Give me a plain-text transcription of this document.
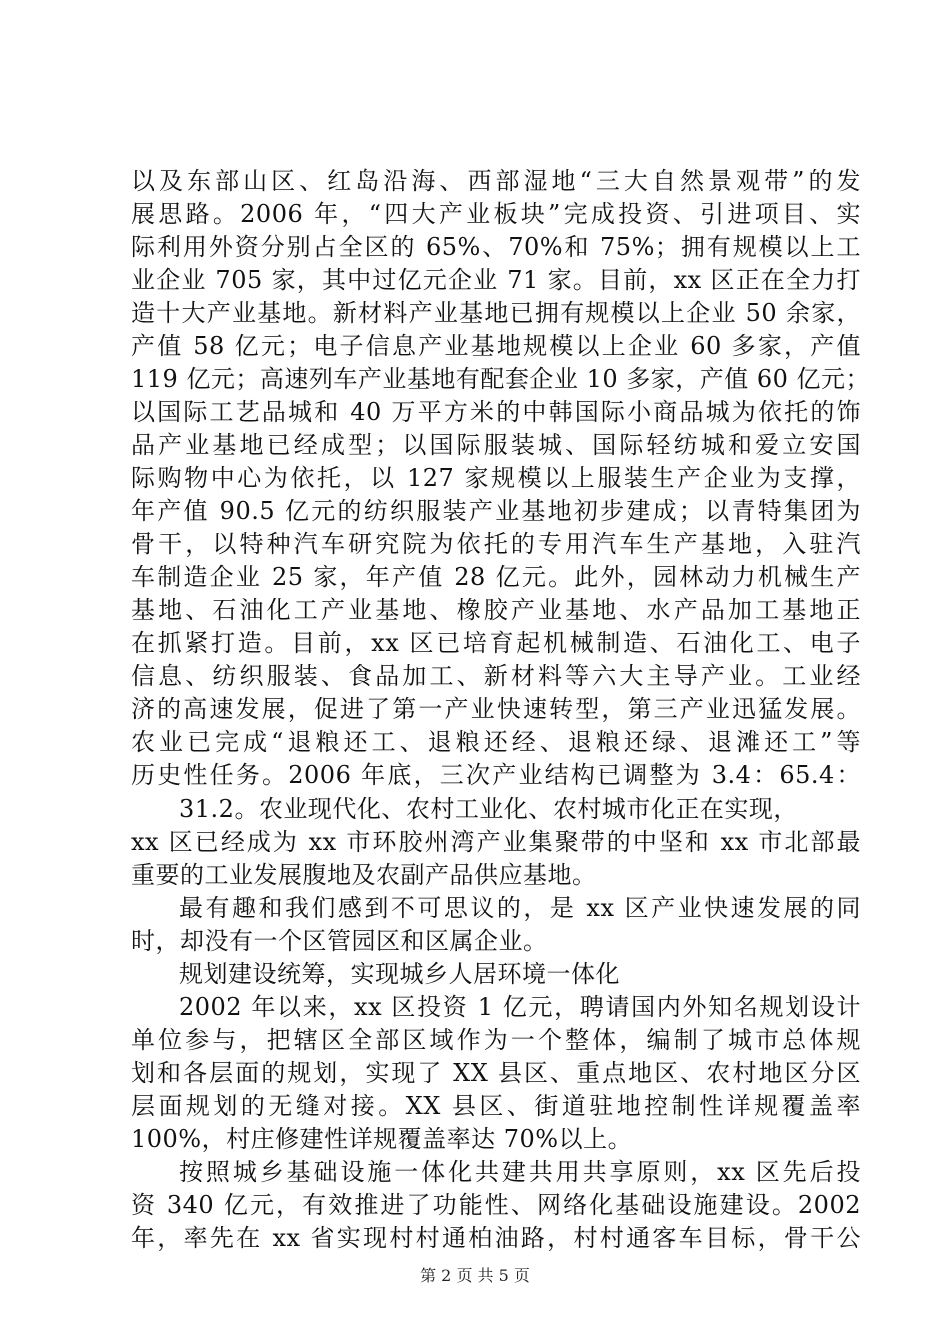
以及东部山区、红岛沿海、西部湿地“三大自然景观带”的发
展思路。2006 年，“四大产业板块”完成投资、引进项目、实
际利用外资分别占全区的 65%、70%和 75%；拥有规模以上工
业企业 705 家，其中过亿元企业 71 家。目前，xx 区正在全力打
造十大产业基地。新材料产业基地已拥有规模以上企业 50 余家，
产值 58 亿元；电子信息产业基地规模以上企业 60 多家，产值
119 亿元；高速列车产业基地有配套企业 10 多家，产值 60 亿元；
以国际工艺品城和 40 万平方米的中韩国际小商品城为依托的饰
品产业基地已经成型；以国际服装城、国际轻纺城和爱立安国
际购物中心为依托，以 127 家规模以上服装生产企业为支撑，
年产值 90.5 亿元的纺织服装产业基地初步建成；以青特集团为
骨干，以特种汽车研究院为依托的专用汽车生产基地，入驻汽
车制造企业 25 家，年产值 28 亿元。此外，园林动力机械生产
基地、石油化工产业基地、橡胶产业基地、水产品加工基地正
在抓紧打造。目前，xx 区已培育起机械制造、石油化工、电子
信息、纺织服装、食品加工、新材料等六大主导产业。工业经
济的高速发展，促进了第一产业快速转型，第三产业迅猛发展。
农业已完成“退粮还工、退粮还经、退粮还绿、退滩还工”等
历史性任务。2006 年底，三次产业结构已调整为 3.4：65.4：
31.2。农业现代化、农村工业化、农村城市化正在实现，
xx 区已经成为 xx 市环胶州湾产业集聚带的中坚和 xx 市北部最
重要的工业发展腹地及农副产品供应基地。
最有趣和我们感到不可思议的，是 xx 区产业快速发展的同
时，却没有一个区管园区和区属企业。
规划建设统筹，实现城乡人居环境一体化
2002 年以来，xx 区投资 1 亿元，聘请国内外知名规划设计
单位参与，把辖区全部区域作为一个整体，编制了城市总体规
划和各层面的规划，实现了 XX 县区、重点地区、农村地区分区
层面规划的无缝对接。XX 县区、街道驻地控制性详规覆盖率
100%，村庄修建性详规覆盖率达 70%以上。
按照城乡基础设施一体化共建共用共享原则，xx 区先后投
资 340 亿元，有效推进了功能性、网络化基础设施建设。2002
年，率先在 xx 省实现村村通柏油路，村村通客车目标，骨干公
第 2 页 共 5 页
